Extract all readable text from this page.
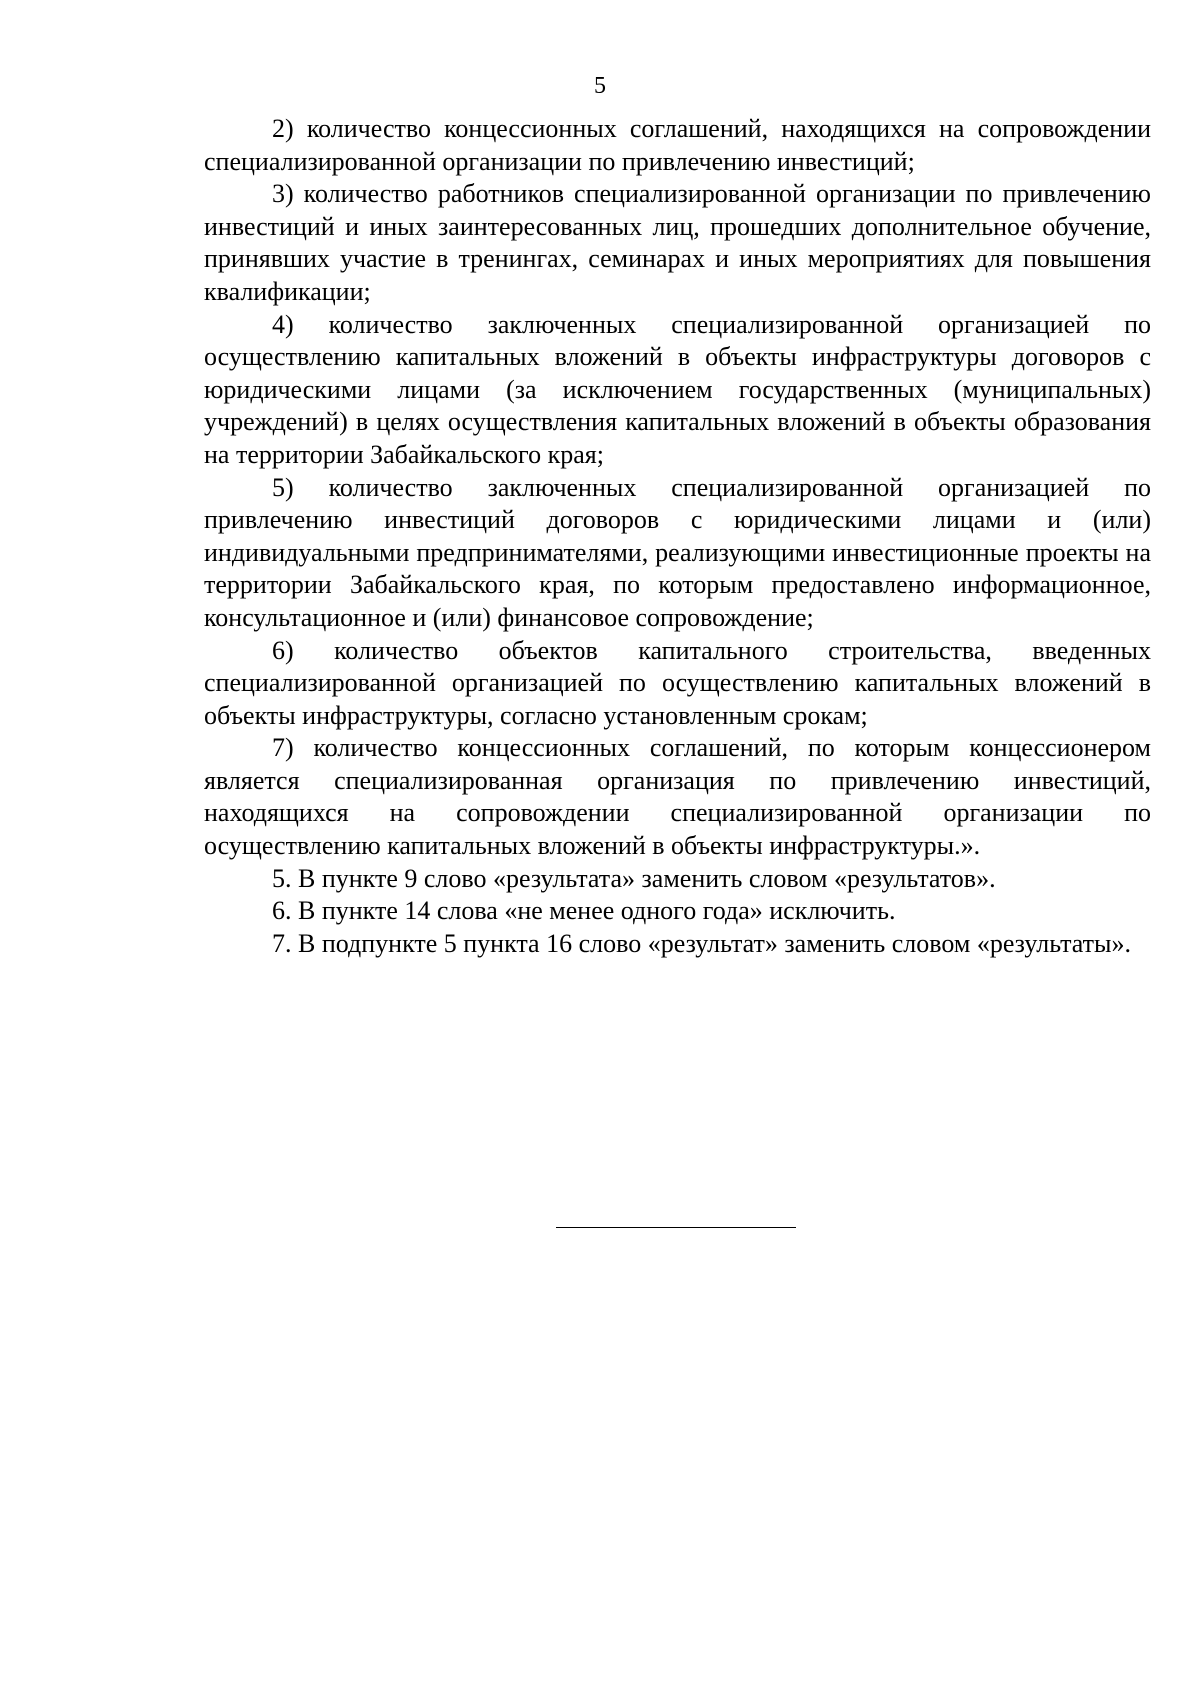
5

2) количество концессионных соглашений, находящихся на сопровождении специализированной организации по привлечению инвестиций;

3) количество работников специализированной организации по привлечению инвестиций и иных заинтересованных лиц, прошедших дополнительное обучение, принявших участие в тренингах, семинарах и иных мероприятиях для повышения квалификации;

4) количество заключенных специализированной организацией по осуществлению капитальных вложений в объекты инфраструктуры договоров с юридическими лицами (за исключением государственных (муниципальных) учреждений) в целях осуществления капитальных вложений в объекты образования на территории Забайкальского края;

5) количество заключенных специализированной организацией по привлечению инвестиций договоров с юридическими лицами и (или) индивидуальными предпринимателями, реализующими инвестиционные проекты на территории Забайкальского края, по которым предоставлено информационное, консультационное и (или) финансовое сопровождение;

6) количество объектов капитального строительства, введенных специализированной организацией по осуществлению капитальных вложений в объекты инфраструктуры, согласно установленным срокам;

7) количество концессионных соглашений, по которым концессионером является специализированная организация по привлечению инвестиций, находящихся на сопровождении специализированной организации по осуществлению капитальных вложений в объекты инфраструктуры.».

5. В пункте 9 слово «результата» заменить словом «результатов».

6. В пункте 14 слова «не менее одного года» исключить.

7. В подпункте 5 пункта 16 слово «результат» заменить словом «результаты».
